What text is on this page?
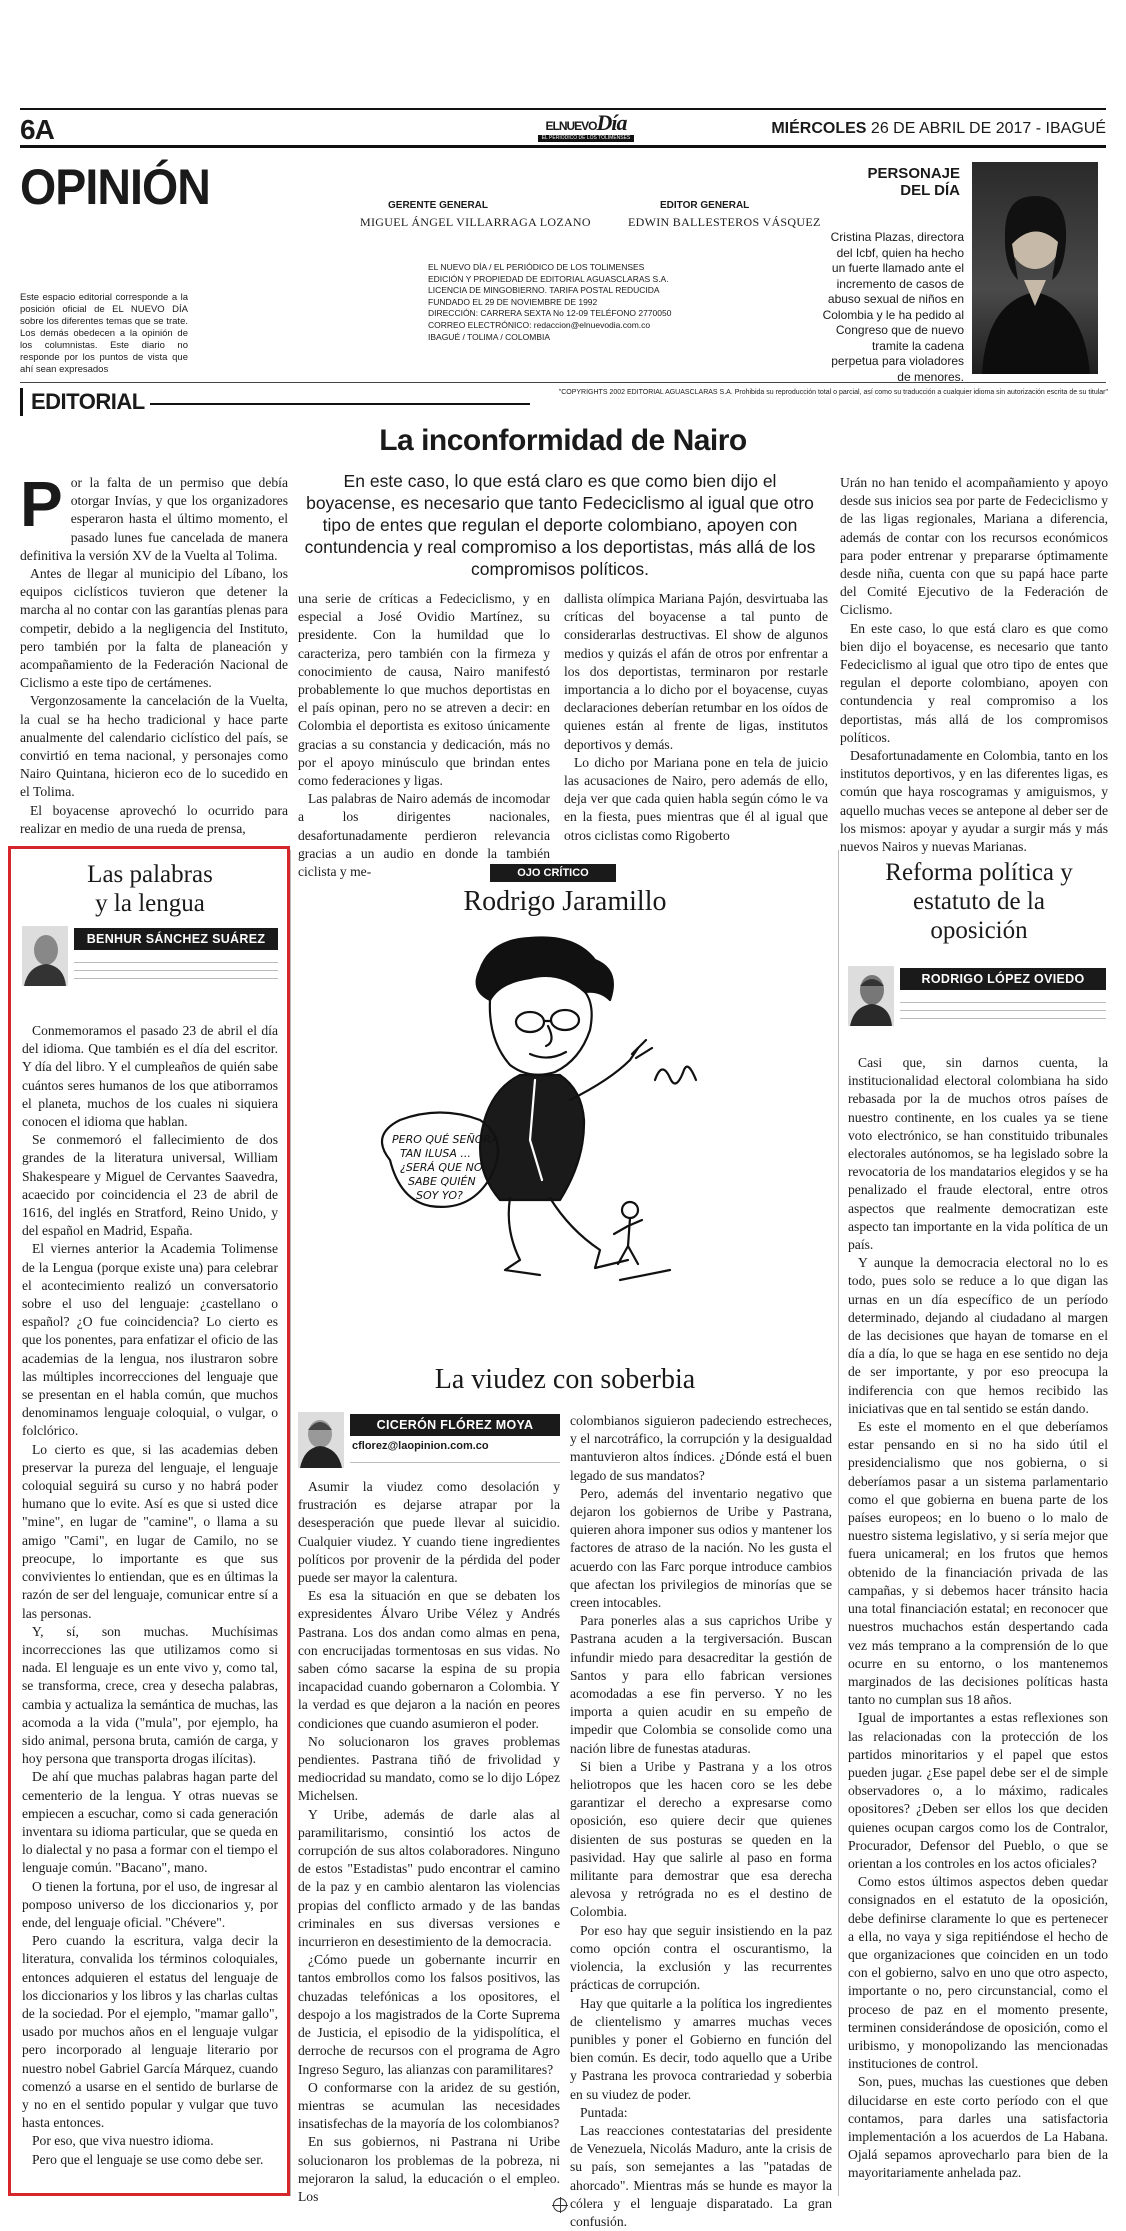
6A	ELNUEVODía
EL PERIÓDICO DE LOS TOLIMENSES
MIÉRCOLES 26 DE ABRIL DE 2017 - IBAGUÉ
OPINIÓN
Este espacio editorial corresponde a la posición oficial de EL NUEVO DÍA sobre los diferentes temas que se trate. Los demás obedecen a la opinión de los columnistas. Este diario no responde por los puntos de vista que ahí sean expresados
GERENTE GENERAL
MIGUEL ÁNGEL VILLARRAGA LOZANO
EDITOR GENERAL
EDWIN BALLESTEROS VÁSQUEZ
EL NUEVO DÍA / EL PERIÓDICO DE LOS TOLIMENSES
EDICIÓN Y PROPIEDAD DE EDITORIAL AGUASCLARAS S.A.
LICENCIA DE MINGOBIERNO. TARIFA POSTAL REDUCIDA
FUNDADO EL 29 DE NOVIEMBRE DE 1992
DIRECCIÓN: CARRERA SEXTA No 12-09 TELÉFONO 2770050
CORREO ELECTRÓNICO: redaccion@elnuevodia.com.co
IBAGUÉ / TOLIMA / COLOMBIA
PERSONAJE
DEL DÍA
Cristina Plazas, directora del Icbf, quien ha hecho un fuerte llamado ante el incremento de casos de abuso sexual de niños en Colombia y le ha pedido al Congreso que de nuevo tramite la cadena perpetua para violadores de menores.
"COPYRIGHTS 2002 EDITORIAL AGUASCLARAS S.A. Prohibida su reproducción total o parcial, así como su traducción a cualquier idioma sin autorización escrita de su titular"
EDITORIAL
La inconformidad de Nairo
En este caso, lo que está claro es que como bien dijo el boyacense, es necesario que tanto Fedeciclismo al igual que otro tipo de entes que regulan el deporte colombiano, apoyen con contundencia y real compromiso a los deportistas, más allá de los compromisos políticos.
P or la falta de un permiso que debía otorgar Invías, y que los organizadores esperaron hasta el último momento, el pasado lunes fue cancelada de manera definitiva la versión XV de la Vuelta al Tolima.

Antes de llegar al municipio del Líbano, los equipos ciclísticos tuvieron que detener la marcha al no contar con las garantías plenas para competir, debido a la negligencia del Instituto, pero también por la falta de planeación y acompañamiento de la Federación Nacional de Ciclismo a este tipo de certámenes.

Vergonzosamente la cancelación de la Vuelta, la cual se ha hecho tradicional y hace parte anualmente del calendario ciclístico del país, se convirtió en tema nacional, y personajes como Nairo Quintana, hicieron eco de lo sucedido en el Tolima.

El boyacense aprovechó lo ocurrido para realizar en medio de una rueda de prensa,

una serie de críticas a Fedeciclismo, y en especial a José Ovidio Martínez, su presidente. Con la humildad que lo caracteriza, pero también con la firmeza y conocimiento de causa, Nairo manifestó probablemente lo que muchos deportistas en el país opinan, pero no se atreven a decir: en Colombia el deportista es exitoso únicamente gracias a su constancia y dedicación, más no por el apoyo minúsculo que brindan entes como federaciones y ligas.

Las palabras de Nairo además de incomodar a los dirigentes nacionales, desafortunadamente perdieron relevancia gracias a un audio en donde la también ciclista y me-

dallista olímpica Mariana Pajón, desvirtuaba las críticas del boyacense a tal punto de considerarlas destructivas. El show de algunos medios y quizás el afán de otros por enfrentar a los dos deportistas, terminaron por restarle importancia a lo dicho por el boyacense, cuyas declaraciones deberían retumbar en los oídos de quienes están al frente de ligas, institutos deportivos y demás.

Lo dicho por Mariana pone en tela de juicio las acusaciones de Nairo, pero además de ello, deja ver que cada quien habla según cómo le va en la fiesta, pues mientras que él al igual que otros ciclistas como Rigoberto

Urán no han tenido el acompañamiento y apoyo desde sus inicios sea por parte de Fedeciclismo y de las ligas regionales, Mariana a diferencia, además de contar con los recursos económicos para poder entrenar y prepararse óptimamente desde niña, cuenta con que su papá hace parte del Comité Ejecutivo de la Federación de Ciclismo.

En este caso, lo que está claro es que como bien dijo el boyacense, es necesario que tanto Fedeciclismo al igual que otro tipo de entes que regulan el deporte colombiano, apoyen con contundencia y real compromiso a los deportistas, más allá de los compromisos políticos.

Desafortunadamente en Colombia, tanto en los institutos deportivos, y en las diferentes ligas, es común que haya roscogramas y amiguismos, y aquello muchas veces se antepone al deber ser de los mismos: apoyar y ayudar a surgir más y más nuevos Nairos y nuevas Marianas.

Las palabras
y la lengua
BENHUR SÁNCHEZ SUÁREZ

Conmemoramos el pasado 23 de abril el día del idioma. Que también es el día del escritor. Y día del libro. Y el cumpleaños de quién sabe cuántos seres humanos de los que atiborramos el planeta, muchos de los cuales ni siquiera conocen el idioma que hablan.

Se conmemoró el fallecimiento de dos grandes de la literatura universal, William Shakespeare y Miguel de Cervantes Saavedra, acaecido por coincidencia el 23 de abril de 1616, del inglés en Stratford, Reino Unido, y del español en Madrid, España.

El viernes anterior la Academia Tolimense de la Lengua (porque existe una) para celebrar el acontecimiento realizó un conversatorio sobre el uso del lenguaje: ¿castellano o español? ¿O fue coincidencia? Lo cierto es que los ponentes, para enfatizar el oficio de las academias de la lengua, nos ilustraron sobre las múltiples incorrecciones del lenguaje que se presentan en el habla común, que muchos denominamos lenguaje coloquial, o vulgar, o folclórico.

Lo cierto es que, si las academias deben preservar la pureza del lenguaje, el lenguaje coloquial seguirá su curso y no habrá poder humano que lo evite. Así es que si usted dice "mine", en lugar de "camine", o llama a su amigo "Cami", en lugar de Camilo, no se preocupe, lo importante es que sus convivientes lo entiendan, que es en últimas la razón de ser del lenguaje, comunicar entre sí a las personas.

Y, sí, son muchas. Muchísimas incorrecciones las que utilizamos como si nada. El lenguaje es un ente vivo y, como tal, se transforma, crece, crea y desecha palabras, cambia y actualiza la semántica de muchas, las acomoda a la vida ("mula", por ejemplo, ha sido animal, persona bruta, camión de carga, y hoy persona que transporta drogas ilícitas).

De ahí que muchas palabras hagan parte del cementerio de la lengua. Y otras nuevas se empiecen a escuchar, como si cada generación inventara su idioma particular, que se queda en lo dialectal y no pasa a formar con el tiempo el lenguaje común. "Bacano", mano.

O tienen la fortuna, por el uso, de ingresar al pomposo universo de los diccionarios y, por ende, del lenguaje oficial. "Chévere".

Pero cuando la escritura, valga decir la literatura, convalida los términos coloquiales, entonces adquieren el estatus del lenguaje de los diccionarios y los libros y las charlas cultas de la sociedad. Por el ejemplo, "mamar gallo", usado por muchos años en el lenguaje vulgar pero incorporado al lenguaje literario por nuestro nobel Gabriel García Márquez, cuando comenzó a usarse en el sentido de burlarse de y no en el sentido popular y vulgar que tuvo hasta entonces.

Por eso, que viva nuestro idioma.

Pero que el lenguaje se use como debe ser.

OJO CRÍTICO
Rodrigo Jaramillo
PERO QUÉ SEÑORA
TAN ILUSA ...
¿SERÁ QUE NO
SABE QUIÉN
SOY YO?
La viudez con soberbia
CICERÓN FLÓREZ MOYA
cflorez@laopinion.com.co

Asumir la viudez como desolación y frustración es dejarse atrapar por la desesperación que puede llevar al suicidio. Cualquier viudez. Y cuando tiene ingredientes políticos por provenir de la pérdida del poder puede ser mayor la calentura.

Es esa la situación en que se debaten los expresidentes Álvaro Uribe Vélez y Andrés Pastrana. Los dos andan como almas en pena, con encrucijadas tormentosas en sus vidas. No saben cómo sacarse la espina de su propia incapacidad cuando gobernaron a Colombia. Y la verdad es que dejaron a la nación en peores condiciones que cuando asumieron el poder.

No solucionaron los graves problemas pendientes. Pastrana tiñó de frivolidad y mediocridad su mandato, como se lo dijo López Michelsen.

Y Uribe, además de darle alas al paramilitarismo, consintió los actos de corrupción de sus altos colaboradores. Ninguno de estos "Estadistas" pudo encontrar el camino de la paz y en cambio alentaron las violencias propias del conflicto armado y de las bandas criminales en sus diversas versiones e incurrieron en desestimiento de la democracia.

¿Cómo puede un gobernante incurrir en tantos embrollos como los falsos positivos, las chuzadas telefónicas a los opositores, el despojo a los magistrados de la Corte Suprema de Justicia, el episodio de la yidispolítica, el derroche de recursos con el programa de Agro Ingreso Seguro, las alianzas con paramilitares?

O conformarse con la aridez de su gestión, mientras se acumulan las necesidades insatisfechas de la mayoría de los colombianos?

En sus gobiernos, ni Pastrana ni Uribe solucionaron los problemas de la pobreza, ni mejoraron la salud, la educación o el empleo. Los

colombianos siguieron padeciendo estrecheces, y el narcotráfico, la corrupción y la desigualdad mantuvieron altos índices. ¿Dónde está el buen legado de sus mandatos?

Pero, además del inventario negativo que dejaron los gobiernos de Uribe y Pastrana, quieren ahora imponer sus odios y mantener los factores de atraso de la nación. No les gusta el acuerdo con las Farc porque introduce cambios que afectan los privilegios de minorías que se creen intocables.

Para ponerles alas a sus caprichos Uribe y Pastrana acuden a la tergiversación. Buscan infundir miedo para desacreditar la gestión de Santos y para ello fabrican versiones acomodadas a ese fin perverso. Y no les importa a quien acudir en su empeño de impedir que Colombia se consolide como una nación libre de funestas ataduras.

Si bien a Uribe y Pastrana y a los otros heliotropos que les hacen coro se les debe garantizar el derecho a expresarse como oposición, eso quiere decir que quienes disienten de sus posturas se queden en la pasividad. Hay que salirle al paso en forma militante para demostrar que esa derecha alevosa y retrógrada no es el destino de Colombia.

Por eso hay que seguir insistiendo en la paz como opción contra el oscurantismo, la violencia, la exclusión y las recurrentes prácticas de corrupción.

Hay que quitarle a la política los ingredientes de clientelismo y amarres muchas veces punibles y poner el Gobierno en función del bien común. Es decir, todo aquello que a Uribe y Pastrana les provoca contrariedad y soberbia en su viudez de poder.

Puntada:

Las reacciones contestatarias del presidente de Venezuela, Nicolás Maduro, ante la crisis de su país, son semejantes a las "patadas de ahorcado". Mientras más se hunde es mayor la cólera y el lenguaje disparatado. La gran confusión.

Reforma política y
estatuto de la
oposición
RODRIGO LÓPEZ OVIEDO

Casi que, sin darnos cuenta, la institucionalidad electoral colombiana ha sido rebasada por la de muchos otros países de nuestro continente, en los cuales ya se tiene voto electrónico, se han constituido tribunales electorales autónomos, se ha legislado sobre la revocatoria de los mandatarios elegidos y se ha penalizado el fraude electoral, entre otros aspectos que realmente democratizan este aspecto tan importante en la vida política de un país.

Y aunque la democracia electoral no lo es todo, pues solo se reduce a lo que digan las urnas en un día específico de un período determinado, dejando al ciudadano al margen de las decisiones que hayan de tomarse en el día a día, lo que se haga en ese sentido no deja de ser importante, y por eso preocupa la indiferencia con que hemos recibido las iniciativas que en tal sentido se están dando.

Es este el momento en el que deberíamos estar pensando en si no ha sido útil el presidencialismo que nos gobierna, o si deberíamos pasar a un sistema parlamentario como el que gobierna en buena parte de los países europeos; en lo bueno o lo malo de nuestro sistema legislativo, y si sería mejor que fuera unicameral; en los frutos que hemos obtenido de la financiación privada de las campañas, y si debemos hacer tránsito hacia una total financiación estatal; en reconocer que nuestros muchachos están despertando cada vez más temprano a la comprensión de lo que ocurre en su entorno, o los mantenemos marginados de las decisiones políticas hasta tanto no cumplan sus 18 años.

Igual de importantes a estas reflexiones son las relacionadas con la protección de los partidos minoritarios y el papel que estos pueden jugar. ¿Ese papel debe ser el de simple observadores o, a lo máximo, radicales opositores? ¿Deben ser ellos los que deciden quienes ocupan cargos como los de Contralor, Procurador, Defensor del Pueblo, o que se orientan a los controles en los actos oficiales?

Como estos últimos aspectos deben quedar consignados en el estatuto de la oposición, debe definirse claramente lo que es pertenecer a ella, no vaya y siga repitiéndose el hecho de que organizaciones que coinciden en un todo con el gobierno, salvo en uno que otro aspecto, importante o no, pero circunstancial, como el proceso de paz en el momento presente, terminen considerándose de oposición, como el uribismo, y monopolizando las mencionadas instituciones de control.

Son, pues, muchas las cuestiones que deben dilucidarse en este corto período con el que contamos, para darles una satisfactoria implementación a los acuerdos de La Habana. Ojalá sepamos aprovecharlo para bien de la mayoritariamente anhelada paz.
